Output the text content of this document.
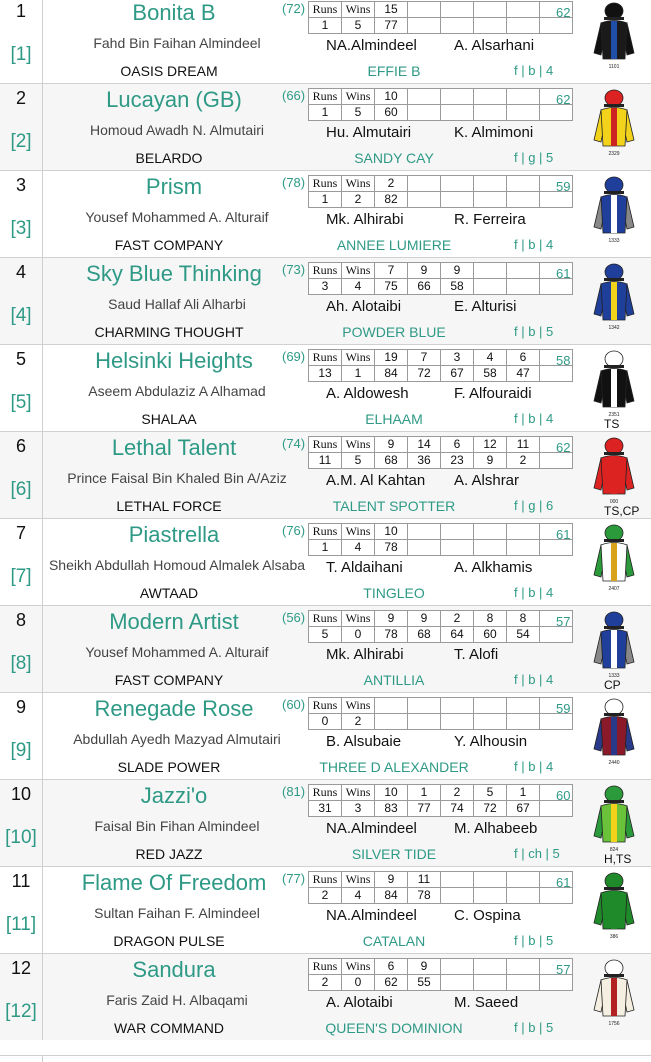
1
[1]
Bonita B	(72)
Fahd Bin Faihan Almindeel
OASIS DREAM
Runs	Wins	15					
1	5	77					
62
NA.Almindeel A. Alsarhani
EFFIE B	f | b | 4	1101
2
[2]
Lucayan (GB)	(66)
Homoud Awadh N. Almutairi
BELARDO
Runs	Wins	10					
1	5	60					
62
Hu. Almutairi	K. Almimoni
SANDY CAY	f | g | 5	2329
3
[3]
Prism	(78)
Yousef Mohammed A. Alturaif
FAST COMPANY
Runs	Wins	2					
1	2	82					
59
Mk. Alhirabi	R. Ferreira
ANNEE LUMIERE	f | b | 4	1333
4
[4]
Sky Blue Thinking	(73)
Saud Hallaf Ali Alharbi
CHARMING THOUGHT
Runs	Wins	7	9	9			
3	4	75	66	58			
61
Ah. Alotaibi	E. Alturisi
POWDER BLUE	f | b | 5	1342
5
[5]
Helsinki Heights	(69)
Aseem Abdulaziz A Alhamad
SHALAA
Runs	Wins	19	7	3	4	6	
13	1	84	72	67	58	47	
58
A. Aldowesh	F. Alfouraidi
ELHAAM	f | b | 4	2351
TS
6
[6]
Lethal Talent	(74)
Prince Faisal Bin Khaled Bin A/Aziz
LETHAL FORCE
Runs	Wins	9	14	6	12	11	
11	5	68	36	23	9	2	
62
A.M. Al Kahtan A. Alshrar
TALENT SPOTTER	f | g | 6	000
TS,CP
7
[7]
Piastrella	(76)
Sheikh Abdullah Homoud Almalek Alsaba
AWTAAD
Runs	Wins	10					
1	4	78					
61
T. Aldaihani	A. Alkhamis
TINGLEO	f | b | 4	2407
8
[8]
Modern Artist	(56)
Yousef Mohammed A. Alturaif
FAST COMPANY
Runs	Wins	9	9	2	8	8	
5	0	78	68	64	60	54	
57
Mk. Alhirabi	T. Alofi
ANTILLIA	f | b | 4	1333
CP
9
[9]
Renegade Rose	(60)
Abdullah Ayedh Mazyad Almutairi
SLADE POWER
Runs	Wins						
0	2						
59
B. Alsubaie	Y. Alhousin
THREE D ALEXANDER	f | b | 4	2440
10
[10]
Jazzi'o	(81)
Faisal Bin Fihan Almindeel
RED JAZZ
Runs	Wins	10	1	2	5	1	
31	3	83	77	74	72	67	
60
NA.Almindeel M. Alhabeeb
SILVER TIDE	f | ch | 5	824
H,TS
11
[11]
Flame Of Freedom	(77)
Sultan Faihan F. Almindeel
DRAGON PULSE
Runs	Wins	9	11				
2	4	84	78				
61
NA.Almindeel C. Ospina
CATALAN	f | b | 5	386
12
[12]
Sandura
Faris Zaid H. Albaqami
WAR COMMAND
Runs	Wins	6	9				
2	0	62	55				
57
A. Alotaibi	M. Saeed
QUEEN'S DOMINION	f | b | 5	1756
